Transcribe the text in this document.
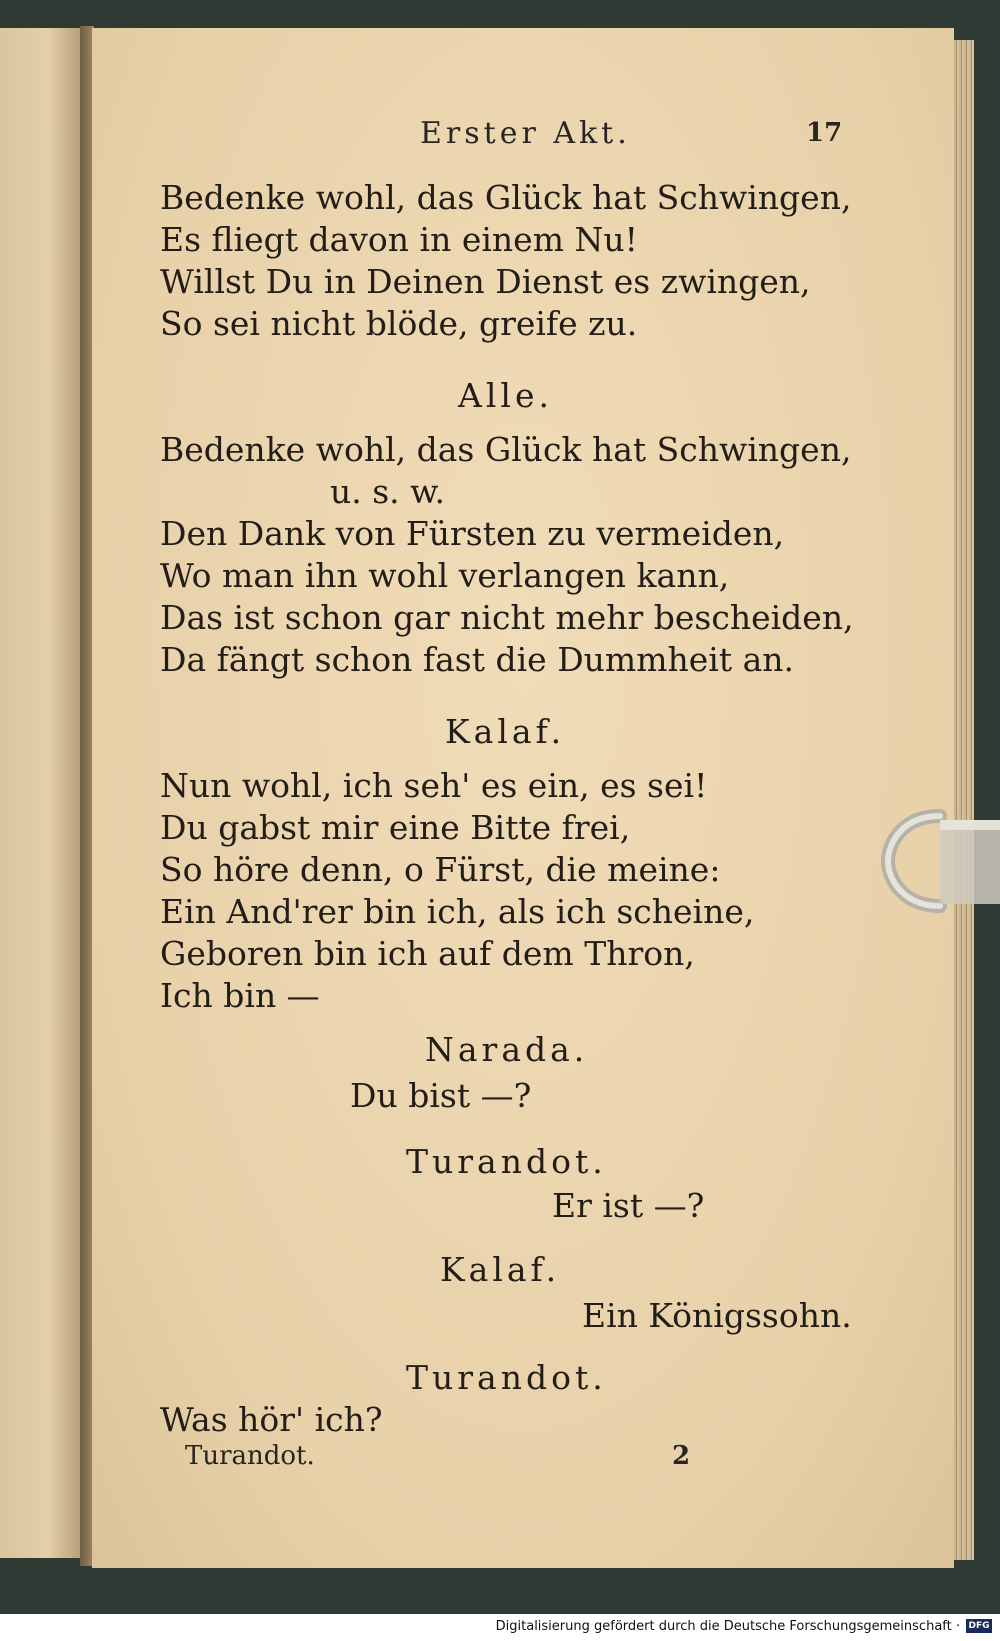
Erster Akt.	17
Bedenke wohl, das Glück hat Schwingen,
Es fliegt davon in einem Nu!
Willst Du in Deinen Dienst es zwingen,
So sei nicht blöde, greife zu.
Alle.
Bedenke wohl, das Glück hat Schwingen,
u. s. w.
Den Dank von Fürsten zu vermeiden,
Wo man ihn wohl verlangen kann,
Das ist schon gar nicht mehr bescheiden,
Da fängt schon fast die Dummheit an.
Kalaf.
Nun wohl, ich seh' es ein, es sei!
Du gabst mir eine Bitte frei,
So höre denn, o Fürst, die meine:
Ein And'rer bin ich, als ich scheine,
Geboren bin ich auf dem Thron,
Ich bin —
Narada.
Du bist —?
Turandot.
Er ist —?
Kalaf.
Ein Königssohn.
Turandot.
Was hör' ich?
Turandot.	2
Digitalisierung gefördert durch die Deutsche Forschungsgemeinschaft · DFG
